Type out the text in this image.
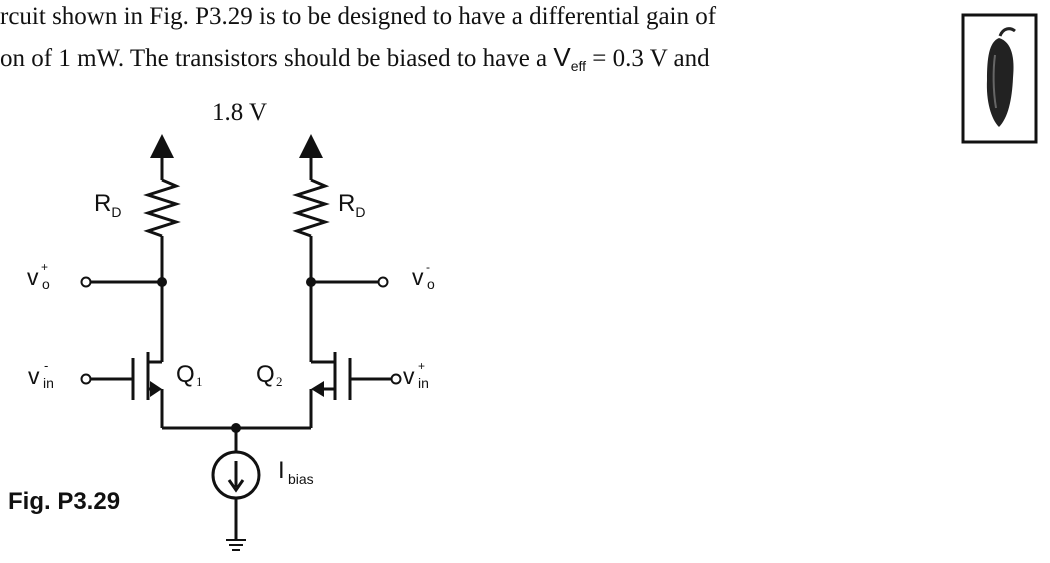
rcuit shown in Fig. P3.29 is to be designed to have a differential gain of
on of 1 mW. The transistors should be biased to have a $V_{eff} = 0.3$ V and
1.8 V
$R_D$	$R_D$
v +
o	v -
o
v -
in	v +
in
Q 1 Q 2
I bias
Fig. P3.29
